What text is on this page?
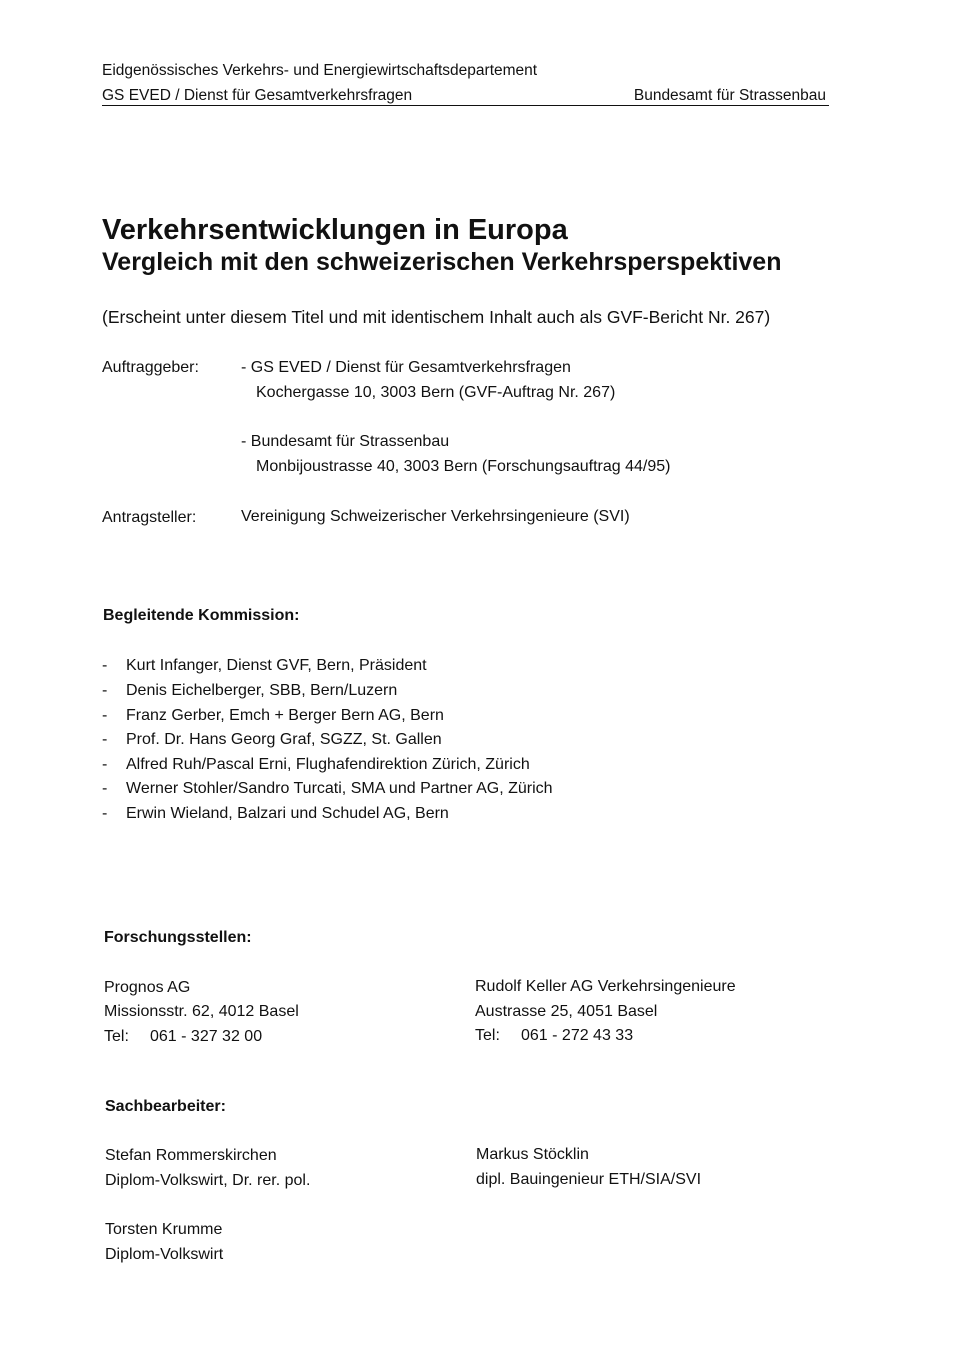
Eidgenössisches Verkehrs- und Energiewirtschaftsdepartement
GS EVED / Dienst für Gesamtverkehrsfragen	Bundesamt für Strassenbau
Verkehrsentwicklungen in Europa
Vergleich mit den schweizerischen Verkehrsperspektiven
(Erscheint unter diesem Titel und mit identischem Inhalt auch als GVF-Bericht Nr. 267)
Auftraggeber:	- GS EVED / Dienst für Gesamtverkehrsfragen
Kochergasse 10, 3003 Bern (GVF-Auftrag Nr. 267)
- Bundesamt für Strassenbau
Monbijoustrasse 40, 3003 Bern (Forschungsauftrag 44/95)
Antragsteller:	Vereinigung Schweizerischer Verkehrsingenieure (SVI)
Begleitende Kommission:
- Kurt Infanger, Dienst GVF, Bern, Präsident
- Denis Eichelberger, SBB, Bern/Luzern
- Franz Gerber, Emch + Berger Bern AG, Bern
- Prof. Dr. Hans Georg Graf, SGZZ, St. Gallen
- Alfred Ruh/Pascal Erni, Flughafendirektion Zürich, Zürich
- Werner Stohler/Sandro Turcati, SMA und Partner AG, Zürich
- Erwin Wieland, Balzari und Schudel AG, Bern
Forschungsstellen:
Prognos AG
Missionsstr. 62, 4012 Basel
Tel: 061 - 327 32 00
Rudolf Keller AG Verkehrsingenieure
Austrasse 25, 4051 Basel
Tel: 061 - 272 43 33
Sachbearbeiter:
Stefan Rommerskirchen
Diplom-Volkswirt, Dr. rer. pol.
Markus Stöcklin
dipl. Bauingenieur ETH/SIA/SVI
Torsten Krumme
Diplom-Volkswirt
